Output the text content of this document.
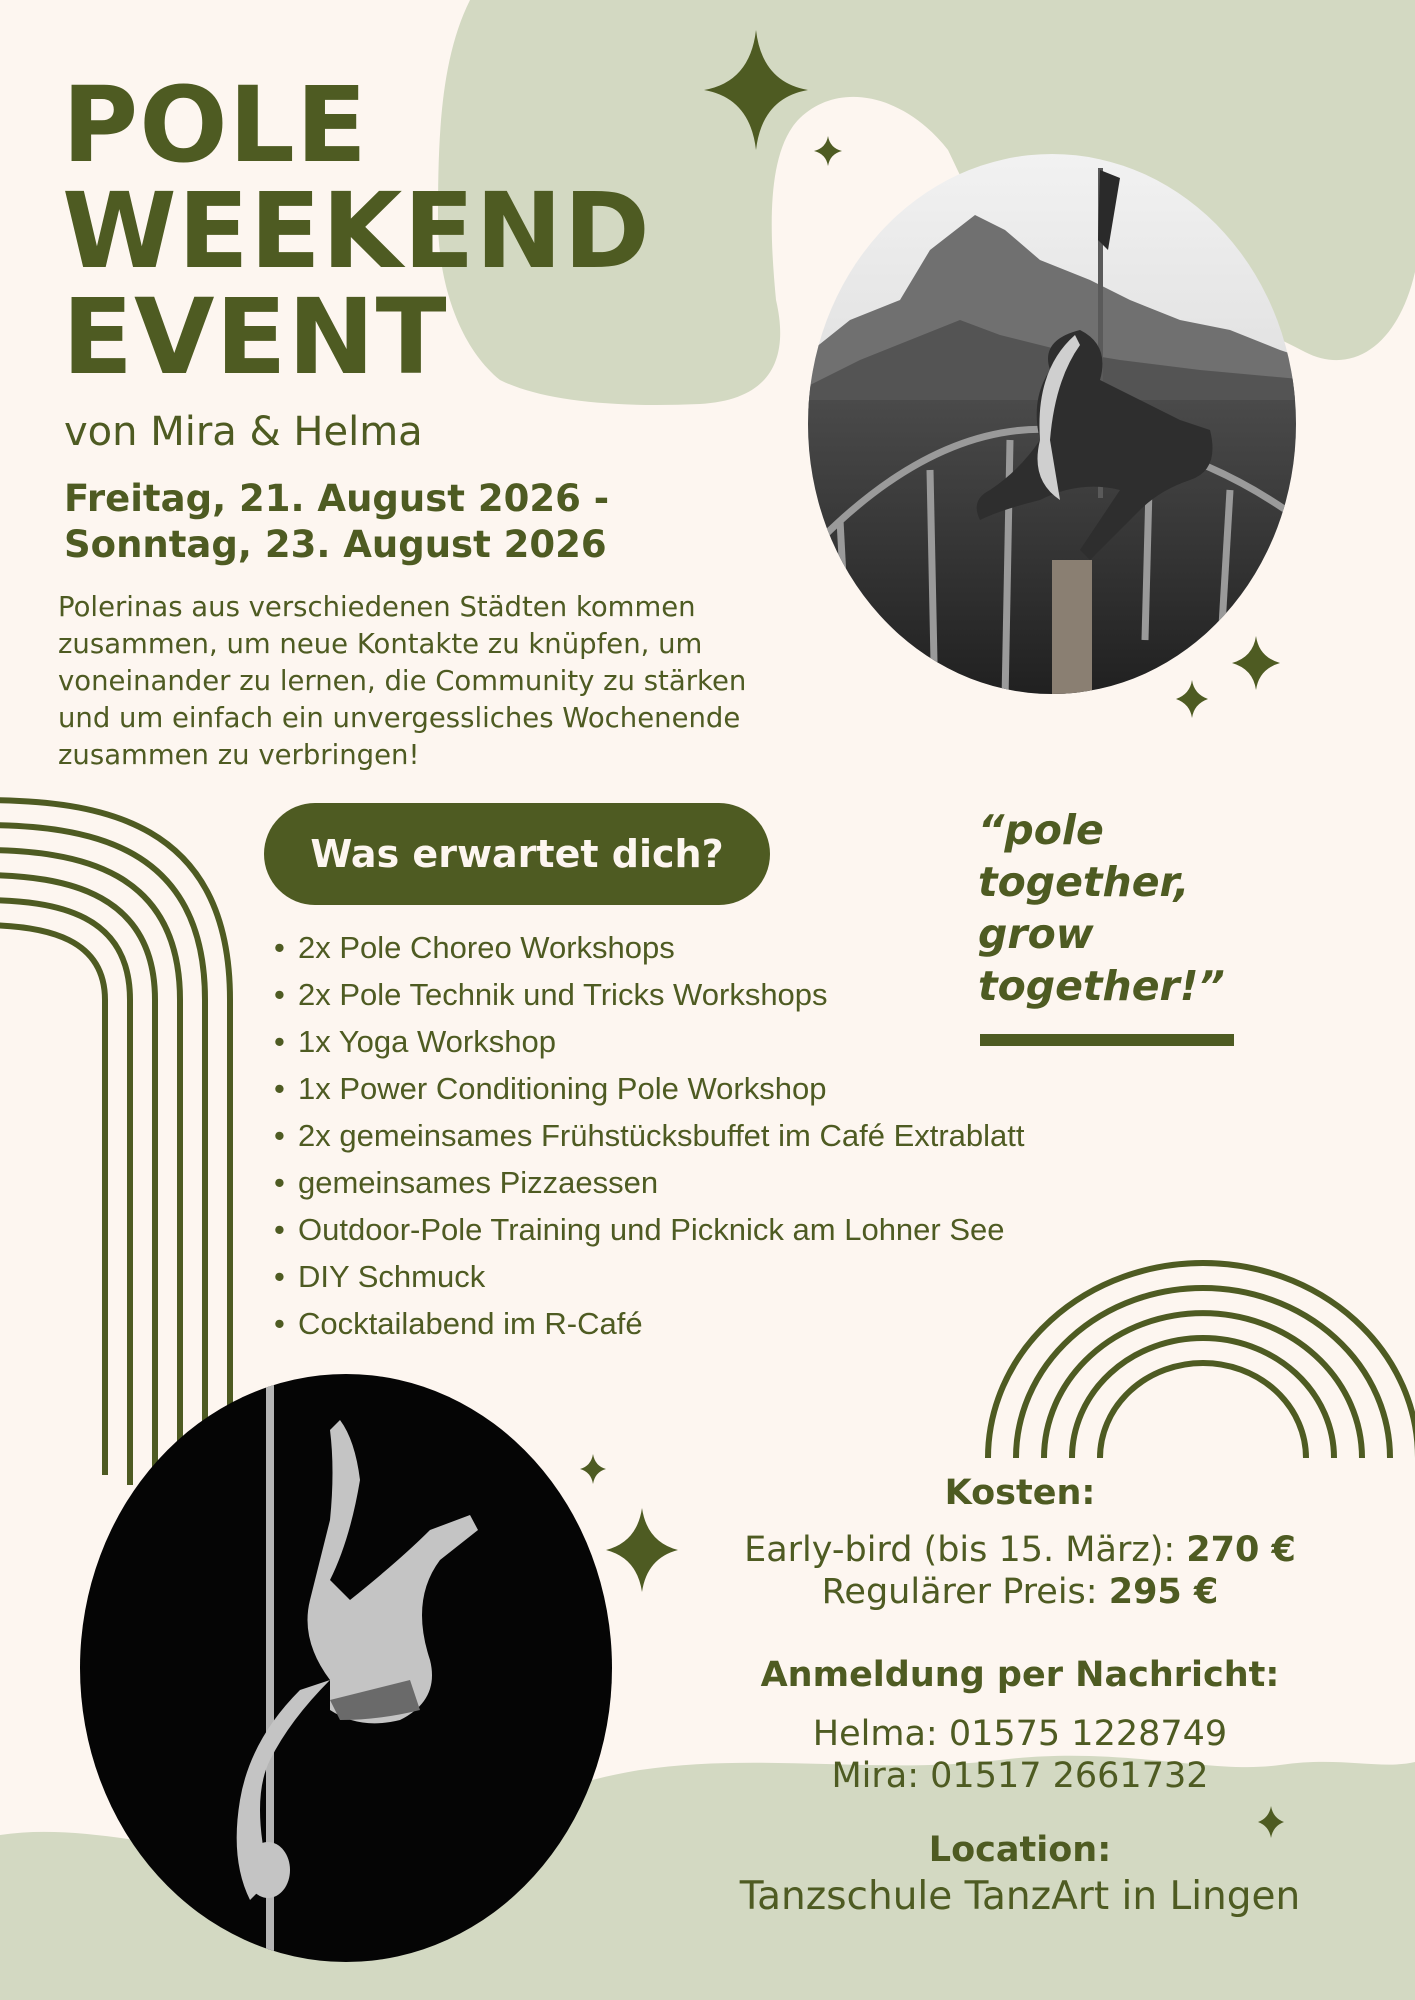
POLE
WEEKEND
EVENT

von Mira & Helma

Freitag, 21. August 2026 -
Sonntag, 23. August 2026

Polerinas aus verschiedenen Städten kommen
zusammen, um neue Kontakte zu knüpfen, um
voneinander zu lernen, die Community zu stärken
und um einfach ein unvergessliches Wochenende
zusammen zu verbringen!

Was erwartet dich?
• 2x Pole Choreo Workshops
• 2x Pole Technik und Tricks Workshops
• 1x Yoga Workshop
• 1x Power Conditioning Pole Workshop
• 2x gemeinsames Frühstücksbuffet im Café Extrablatt
• gemeinsames Pizzaessen
• Outdoor-Pole Training und Picknick am Lohner See
• DIY Schmuck
• Cocktailabend im R-Café

“pole
together,
grow
together!”

Kosten:

Early-bird (bis 15. März): 270 €

Regulärer Preis: 295 €

Anmeldung per Nachricht:

Helma: 01575 1228749

Mira: 01517 2661732

Location:

Tanzschule TanzArt in Lingen
